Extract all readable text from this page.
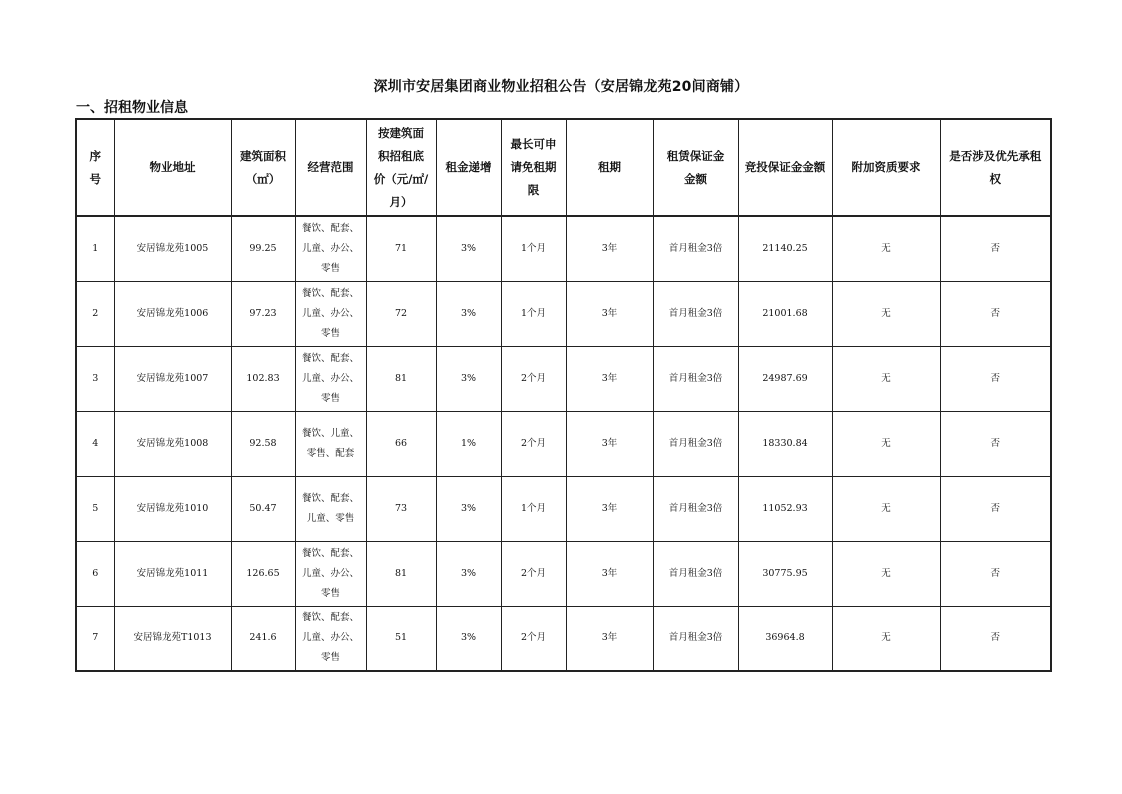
深圳市安居集团商业物业招租公告（安居锦龙苑20间商铺）
一、招租物业信息
序号	物业地址	建筑面积（㎡）	经营范围	按建筑面积招租底价（元/㎡/月）	租金递增	最长可申请免租期限	租期	租赁保证金金额	竞投保证金金额	附加资质要求	是否涉及优先承租权
1	安居锦龙苑1005	99.25	餐饮、配套、儿童、办公、零售	71	3%	1个月	3年	首月租金3倍	21140.25	无	否
2	安居锦龙苑1006	97.23	餐饮、配套、儿童、办公、零售	72	3%	1个月	3年	首月租金3倍	21001.68	无	否
3	安居锦龙苑1007	102.83	餐饮、配套、儿童、办公、零售	81	3%	2个月	3年	首月租金3倍	24987.69	无	否
4	安居锦龙苑1008	92.58	餐饮、儿童、零售、配套	66	1%	2个月	3年	首月租金3倍	18330.84	无	否
5	安居锦龙苑1010	50.47	餐饮、配套、儿童、零售	73	3%	1个月	3年	首月租金3倍	11052.93	无	否
6	安居锦龙苑1011	126.65	餐饮、配套、儿童、办公、零售	81	3%	2个月	3年	首月租金3倍	30775.95	无	否
7	安居锦龙苑T1013	241.6	餐饮、配套、儿童、办公、零售	51	3%	2个月	3年	首月租金3倍	36964.8	无	否
